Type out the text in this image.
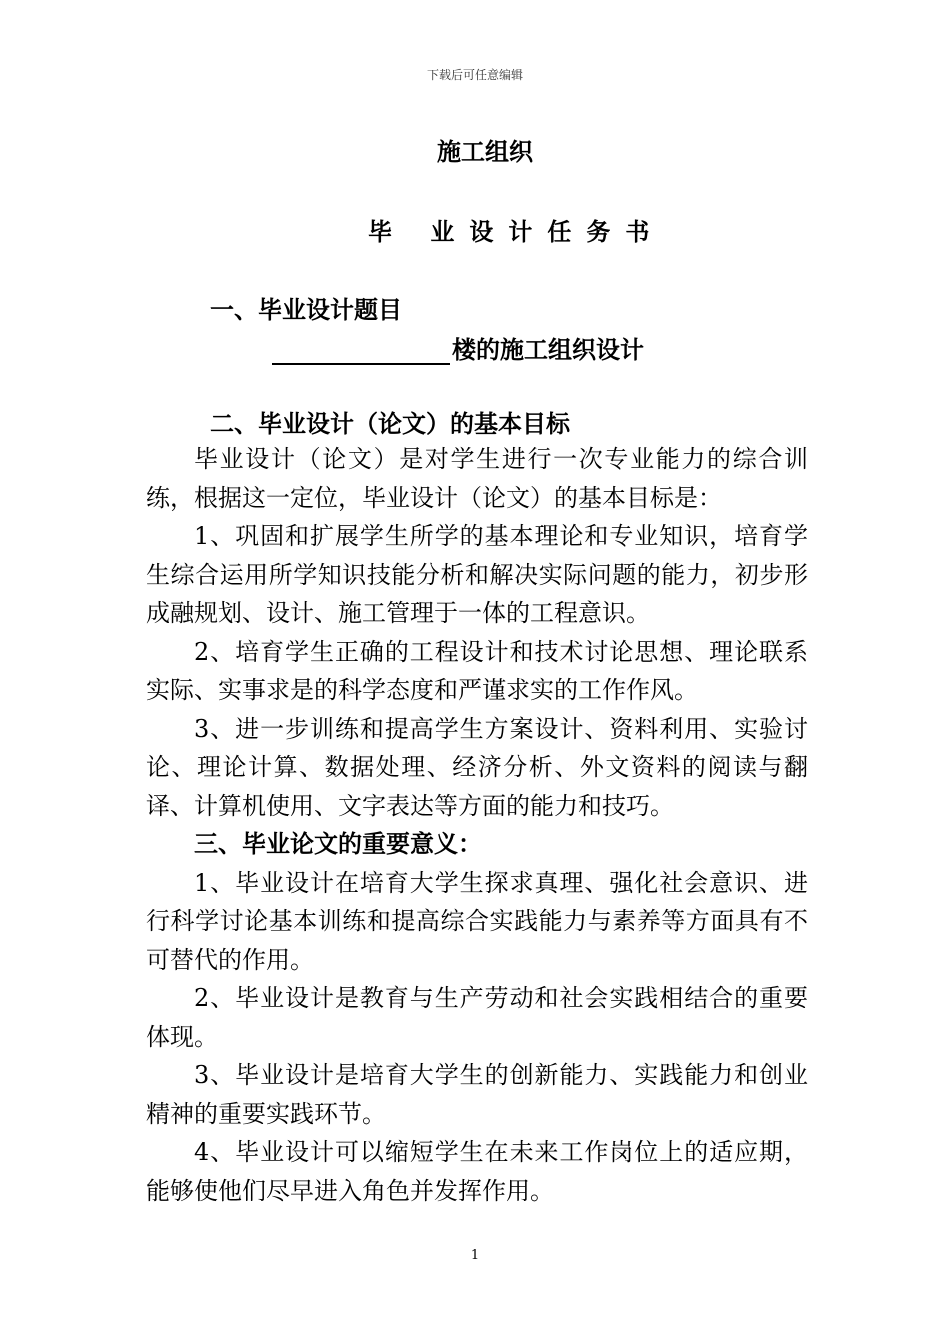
下载后可任意编辑
施工组织
毕 业设计任务书
一、毕业设计题目
楼的施工组织设计
二、毕业设计（论文）的基本目标

毕业设计（论文）是对学生进行一次专业能力的综合训练，根据这一定位，毕业设计（论文）的基本目标是：

1、巩固和扩展学生所学的基本理论和专业知识，培育学生综合运用所学知识技能分析和解决实际问题的能力，初步形成融规划、设计、施工管理于一体的工程意识。

2、培育学生正确的工程设计和技术讨论思想、理论联系实际、实事求是的科学态度和严谨求实的工作作风。

3、进一步训练和提高学生方案设计、资料利用、实验讨论、理论计算、数据处理、经济分析、外文资料的阅读与翻译、计算机使用、文字表达等方面的能力和技巧。

三、毕业论文的重要意义：

1、毕业设计在培育大学生探求真理、强化社会意识、进行科学讨论基本训练和提高综合实践能力与素养等方面具有不可替代的作用。

2、毕业设计是教育与生产劳动和社会实践相结合的重要体现。

3、毕业设计是培育大学生的创新能力、实践能力和创业精神的重要实践环节。

4、毕业设计可以缩短学生在未来工作岗位上的适应期，能够使他们尽早进入角色并发挥作用。

1
